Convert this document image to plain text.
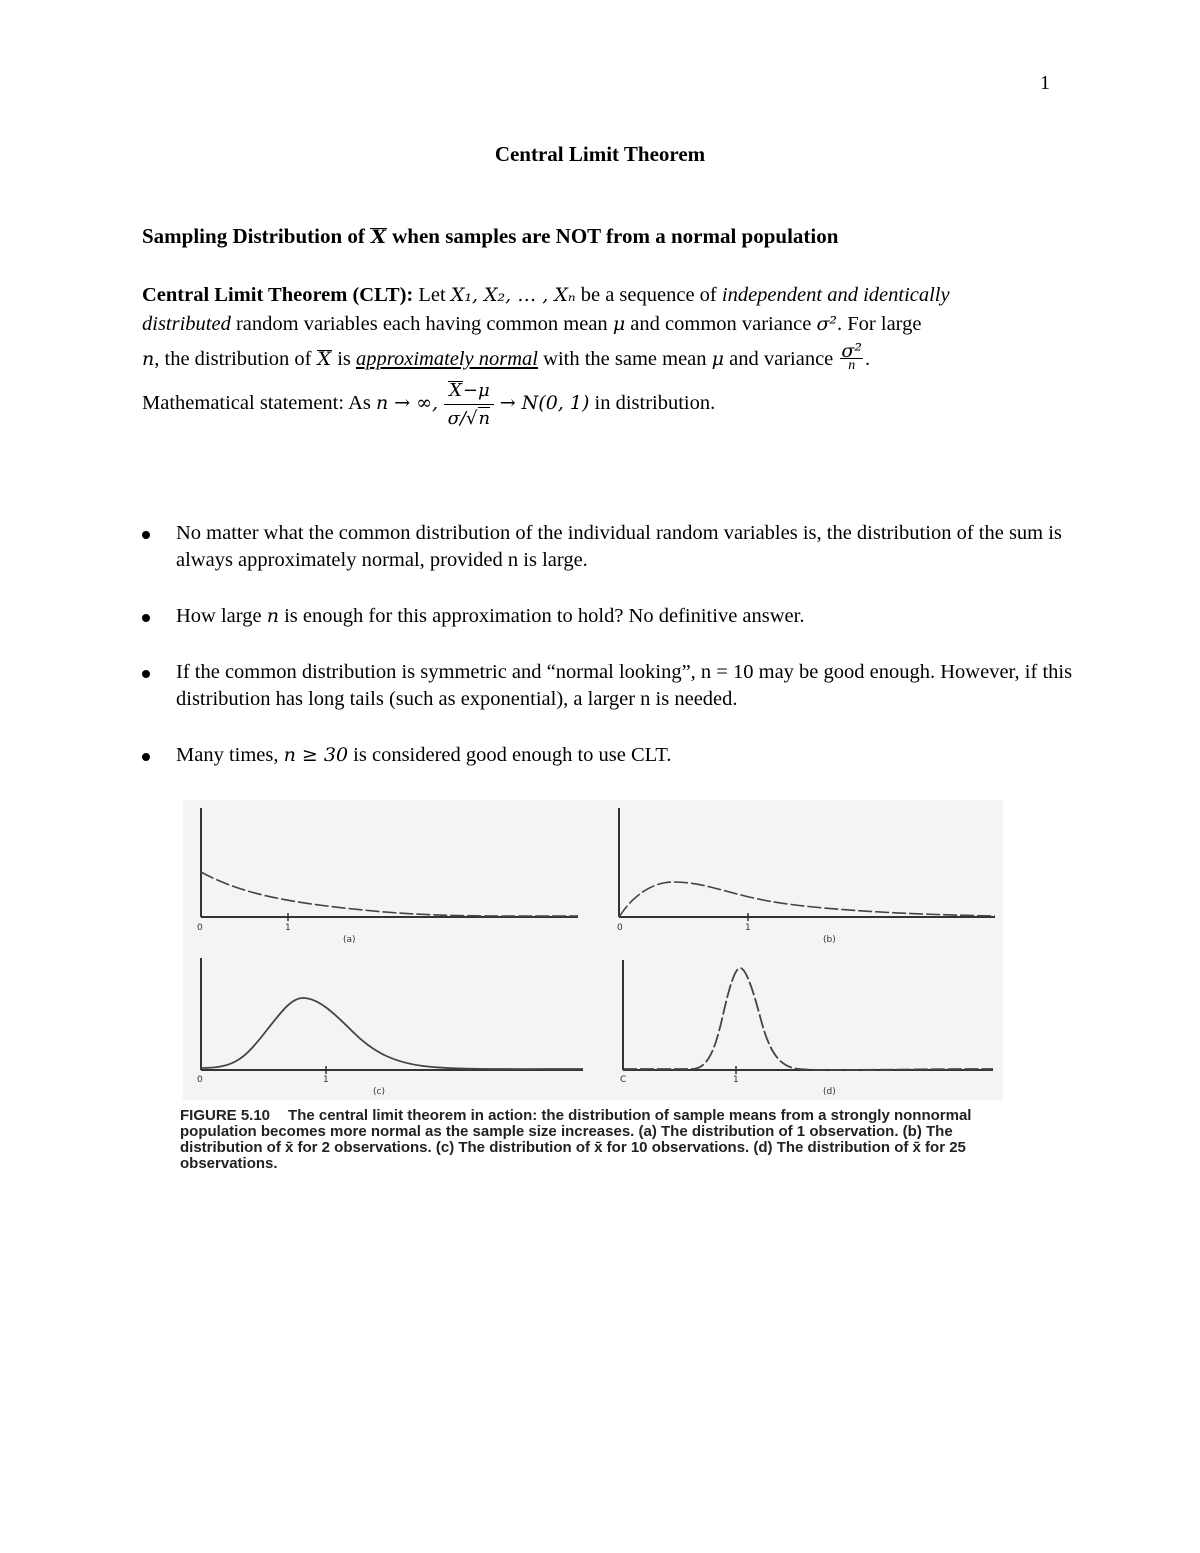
1
Central Limit Theorem
Sampling Distribution of X when samples are NOT from a normal population
Central Limit Theorem (CLT): Let X₁, X₂, … , Xₙ be a sequence of independent and identically
distributed random variables each having common mean μ and common variance σ². For large
n, the distribution of X is approximately normal with the same mean μ and variance $\frac{\text{σ²}}{n}$ .
Mathematical statement: As n → ∞, $\frac{X-\mu}{\sigma/√n} \to N(0$, 1) in distribution.
No matter what the common distribution of the individual random variables is, the distribution of the sum is always approximately normal, provided n is large.
How large n is enough for this approximation to hold? No definitive answer.
If the common distribution is symmetric and “normal looking”, n = 10 may be good enough. However, if this distribution has long tails (such as exponential), a larger n is needed.
Many times, n ≥ 30 is considered good enough to use CLT.
0	1
(a)
0	1
(b)
0	1
(c)
C	1
(d)
FIGURE 5.10 The central limit theorem in action: the distribution of sample means from a strongly nonnormal population becomes more normal as the sample size increases. (a) The distribution of 1 observation. (b) The distribution of x̄ for 2 observations. (c) The distribution of x̄ for 10 observations. (d) The distribution of x̄ for 25 observations.
